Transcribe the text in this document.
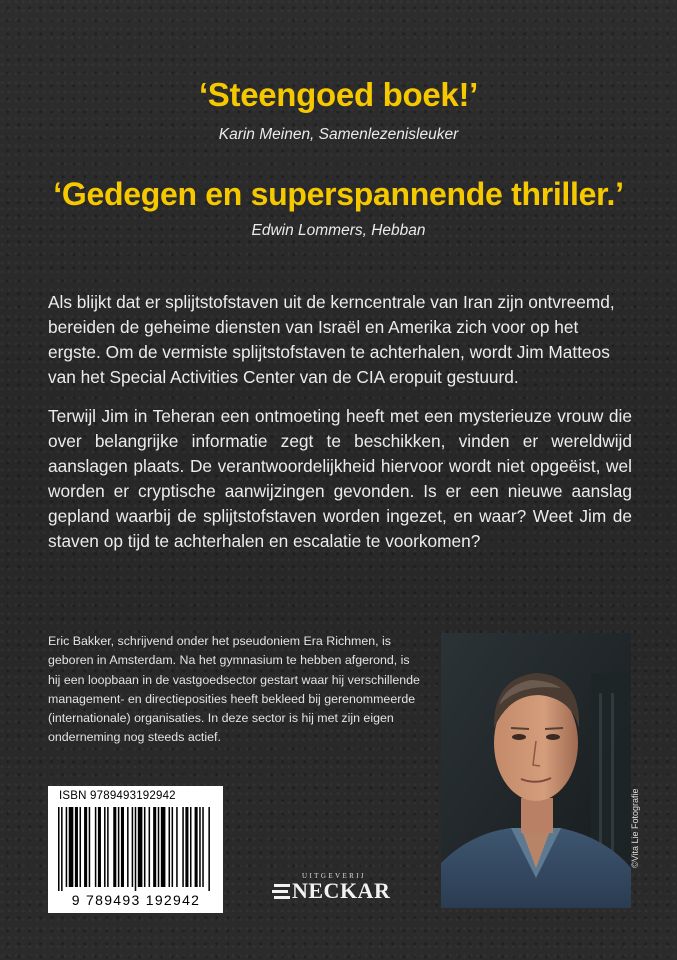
‘Steengoed boek!’
Karin Meinen, Samenlezenisleuker
‘Gedegen en superspannende thriller.’
Edwin Lommers, Hebban

Als blijkt dat er splijtstofstaven uit de kerncentrale van Iran zijn ontvreemd, bereiden de geheime diensten van Israël en Amerika zich voor op het ergste. Om de vermiste splijtstofstaven te achterhalen, wordt Jim Matteos van het Special Activities Center van de CIA eropuit gestuurd.

Terwijl Jim in Teheran een ontmoeting heeft met een mysterieuze vrouw die over belangrijke informatie zegt te beschikken, vinden er wereldwijd aanslagen plaats. De verantwoordelijkheid hiervoor wordt niet opgeëist, wel worden er cryptische aanwijzingen gevonden. Is er een nieuwe aanslag gepland waarbij de splijtstofstaven worden ingezet, en waar? Weet Jim de staven op tijd te achterhalen en escalatie te voorkomen?

Eric Bakker, schrijvend onder het pseudoniem Era Richmen, is geboren in Amsterdam. Na het gymnasium te hebben afgerond, is hij een loopbaan in de vastgoedsector gestart waar hij verschillende management- en directieposities heeft bekleed bij gerenommeerde (internationale) organisaties. In deze sector is hij met zijn eigen onderneming nog steeds actief.

©Vita Lie Fotografie
ISBN 9789493192942
9 789493 192942
UITGEVERIJ
NECKAR
